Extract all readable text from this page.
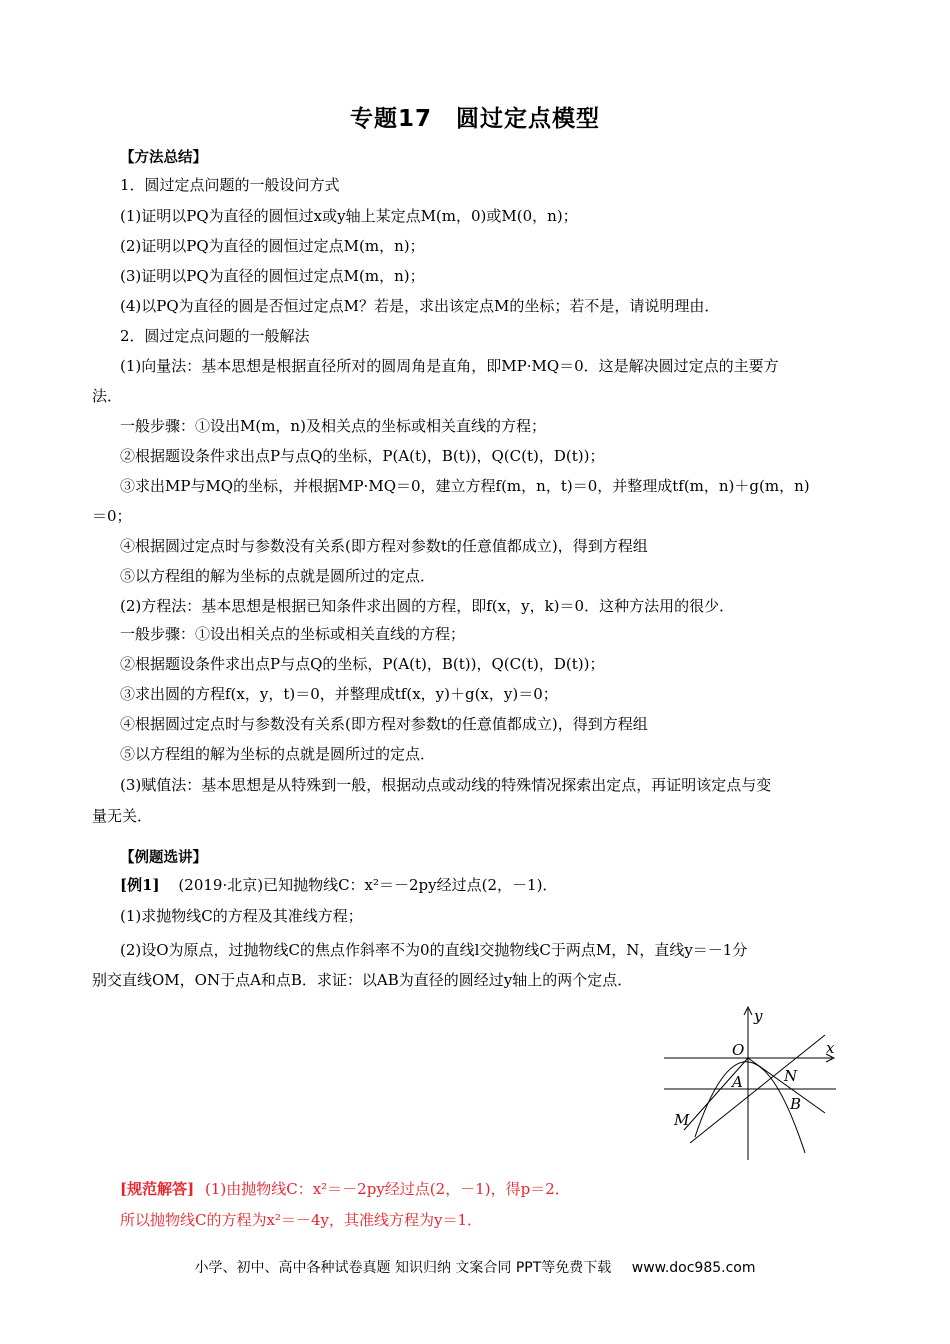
专题17　圆过定点模型
【方法总结】
1．圆过定点问题的一般设问方式
(1)证明以PQ为直径的圆恒过x或y轴上某定点M(m，0)或M(0，n)；
(2)证明以PQ为直径的圆恒过定点M(m，n)；
(3)证明以PQ为直径的圆恒过定点M(m，n)；
(4)以PQ为直径的圆是否恒过定点M？若是，求出该定点M的坐标；若不是，请说明理由．
2．圆过定点问题的一般解法
(1)向量法：基本思想是根据直径所对的圆周角是直角，即MP·MQ＝0．这是解决圆过定点的主要方
法．
一般步骤：①设出M(m，n)及相关点的坐标或相关直线的方程；
②根据题设条件求出点P与点Q的坐标，P(A(t)，B(t))，Q(C(t)，D(t))；
③求出MP与MQ的坐标，并根据MP·MQ＝0，建立方程f(m，n，t)＝0，并整理成tf(m，n)＋g(m，n)
＝0；
④根据圆过定点时与参数没有关系(即方程对参数t的任意值都成立)，得到方程组
⑤以方程组的解为坐标的点就是圆所过的定点．
(2)方程法：基本思想是根据已知条件求出圆的方程，即f(x，y，k)＝0．这种方法用的很少．
一般步骤：①设出相关点的坐标或相关直线的方程；
②根据题设条件求出点P与点Q的坐标，P(A(t)，B(t))，Q(C(t)，D(t))；
③求出圆的方程f(x，y，t)＝0，并整理成tf(x，y)＋g(x，y)＝0；
④根据圆过定点时与参数没有关系(即方程对参数t的任意值都成立)，得到方程组
⑤以方程组的解为坐标的点就是圆所过的定点．
(3)赋值法：基本思想是从特殊到一般，根据动点或动线的特殊情况探索出定点，再证明该定点与变
量无关．
【例题选讲】
[例1] (2019·北京)已知抛物线C：x²＝－2py经过点(2，－1)．
(1)求抛物线C的方程及其准线方程；
(2)设O为原点，过抛物线C的焦点作斜率不为0的直线l交抛物线C于两点M，N，直线y＝－1分
别交直线OM，ON于点A和点B．求证：以AB为直径的圆经过y轴上的两个定点．
y
x
O
A	N
B
M
[规范解答] (1)由抛物线C：x²＝－2py经过点(2，－1)，得p＝2．
所以抛物线C的方程为x²＝－4y，其准线方程为y＝1．
小学、初中、高中各种试卷真题 知识归纳 文案合同 PPT等免费下载 www.doc985.com
